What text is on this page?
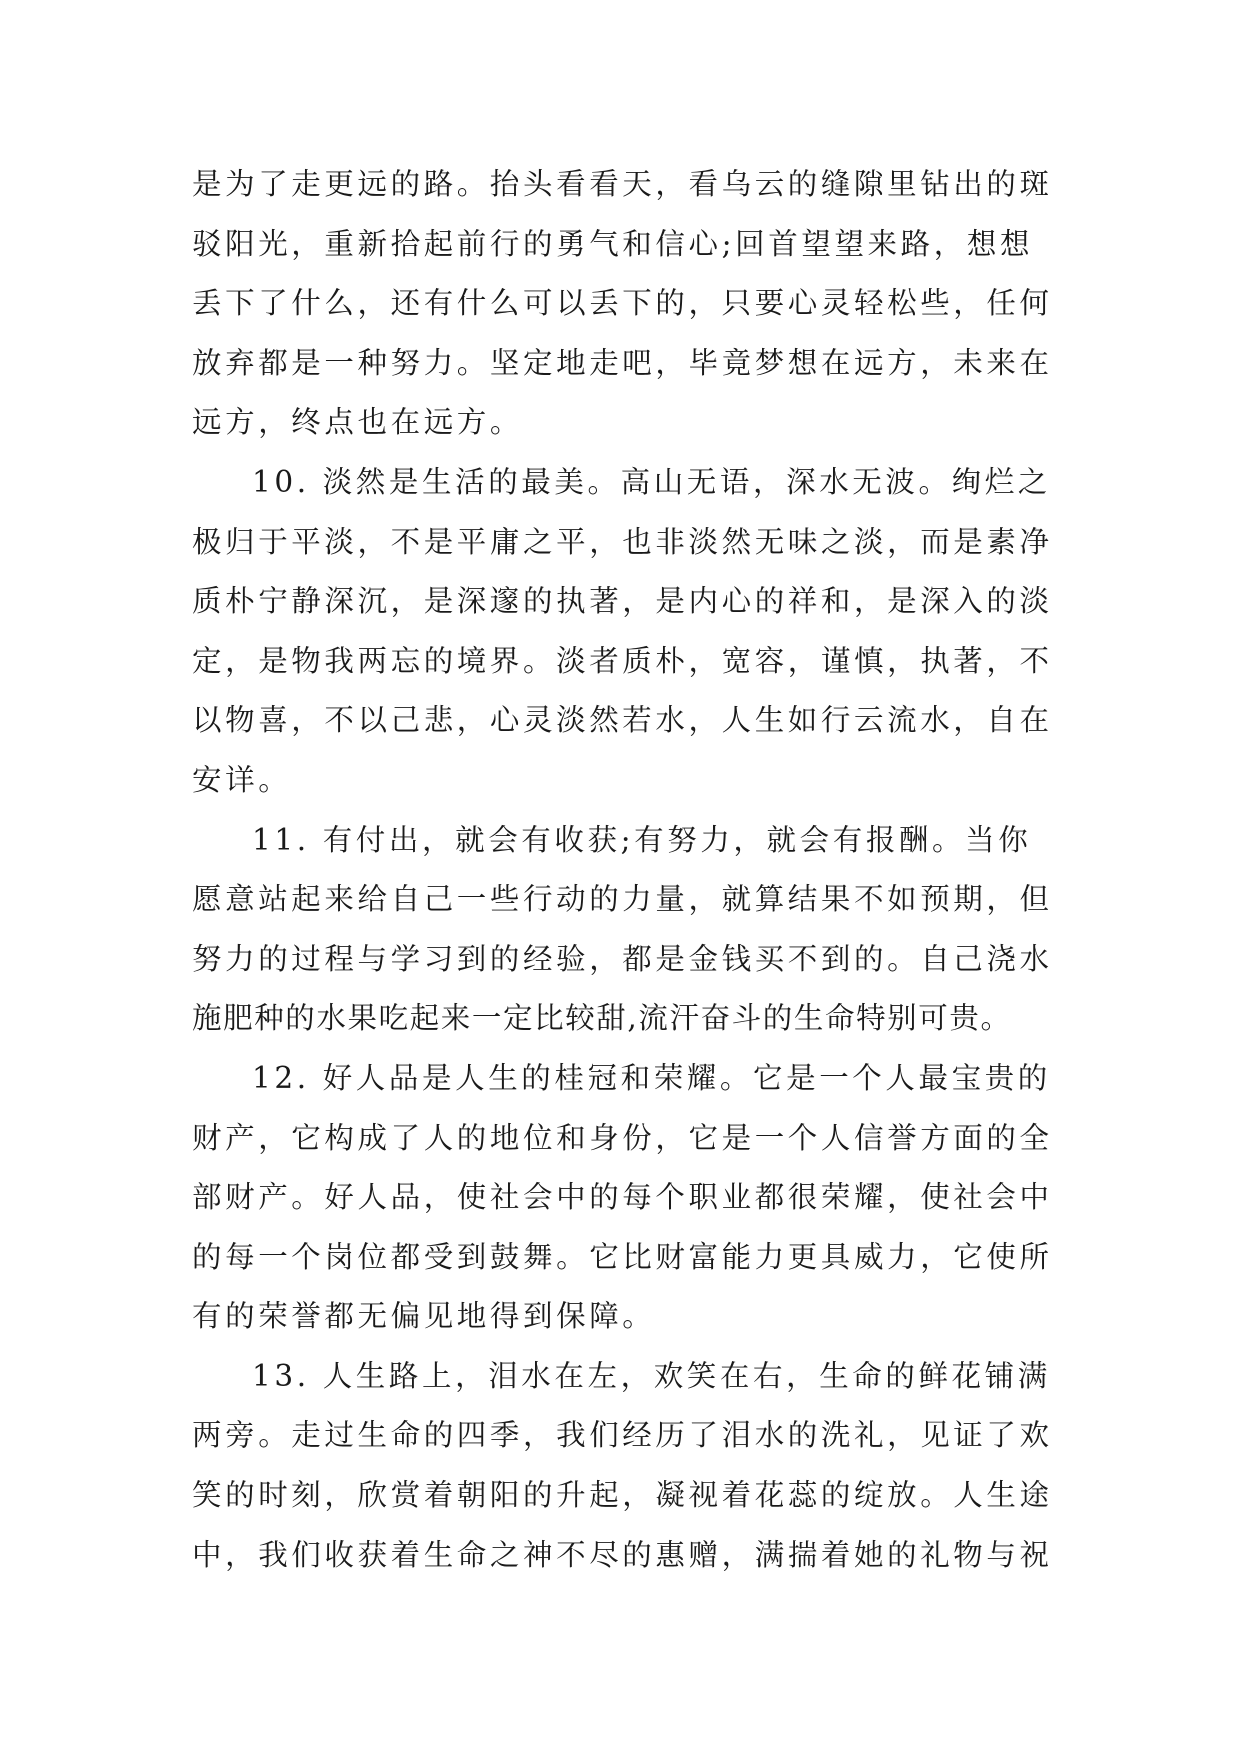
是为了走更远的路。抬头看看天，看乌云的缝隙里钻出的斑
驳阳光，重新拾起前行的勇气和信心;回首望望来路，想想
丢下了什么，还有什么可以丢下的，只要心灵轻松些，任何
放弃都是一种努力。坚定地走吧，毕竟梦想在远方，未来在
远方，终点也在远方。
10. 淡然是生活的最美。高山无语，深水无波。绚烂之
极归于平淡，不是平庸之平，也非淡然无味之淡，而是素净
质朴宁静深沉，是深邃的执著，是内心的祥和，是深入的淡
定，是物我两忘的境界。淡者质朴，宽容，谨慎，执著，不
以物喜，不以己悲，心灵淡然若水，人生如行云流水，自在
安详。
11. 有付出，就会有收获;有努力，就会有报酬。当你
愿意站起来给自己一些行动的力量，就算结果不如预期，但
努力的过程与学习到的经验，都是金钱买不到的。自己浇水
施肥种的水果吃起来一定比较甜,流汗奋斗的生命特别可贵。
12. 好人品是人生的桂冠和荣耀。它是一个人最宝贵的
财产，它构成了人的地位和身份，它是一个人信誉方面的全
部财产。好人品，使社会中的每个职业都很荣耀，使社会中
的每一个岗位都受到鼓舞。它比财富能力更具威力，它使所
有的荣誉都无偏见地得到保障。
13. 人生路上，泪水在左，欢笑在右，生命的鲜花铺满
两旁。走过生命的四季，我们经历了泪水的洗礼，见证了欢
笑的时刻，欣赏着朝阳的升起，凝视着花蕊的绽放。人生途
中，我们收获着生命之神不尽的惠赠，满揣着她的礼物与祝
